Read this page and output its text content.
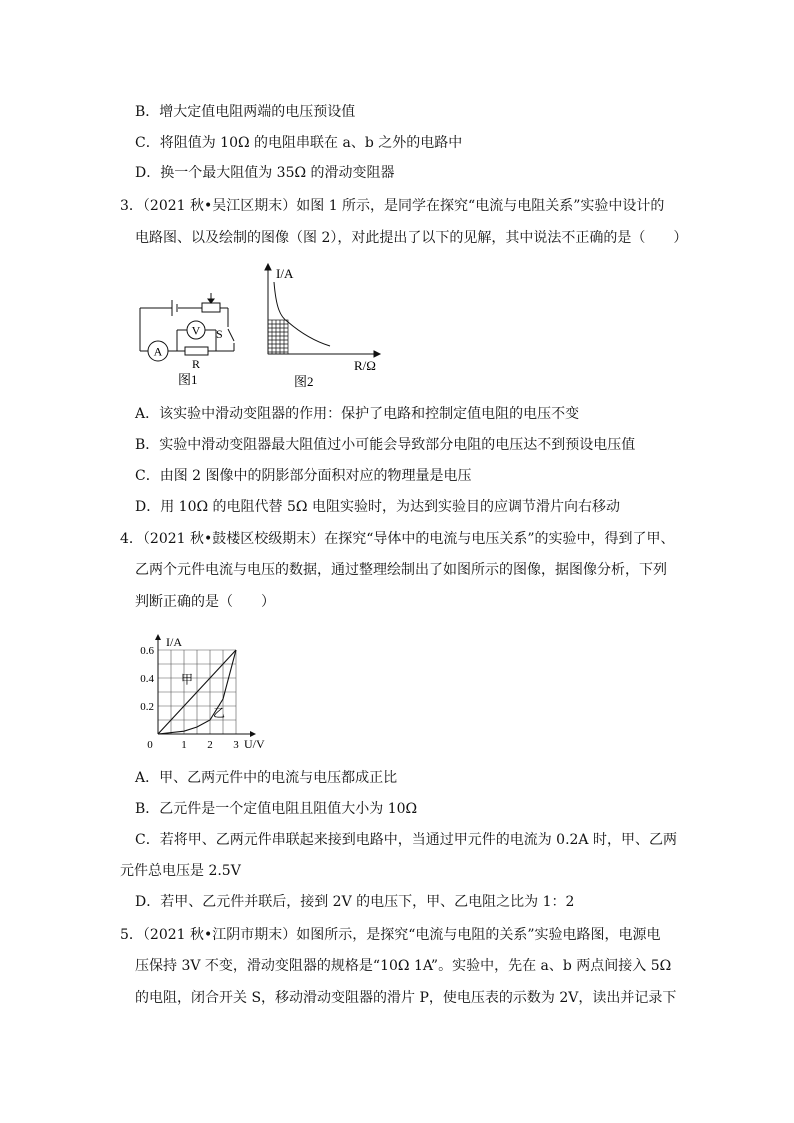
B．增大定值电阻两端的电压预设值
C．将阻值为 10Ω 的电阻串联在 a、b 之外的电路中
D．换一个最大阻值为 35Ω 的滑动变阻器
3．（2021 秋•吴江区期末）如图 1 所示，是同学在探究“电流与电阻关系”实验中设计的
电路图、以及绘制的图像（图 2），对此提出了以下的见解，其中说法不正确的是（　　）
A
V S
R
图1
I/A
R/Ω
图2
A．该实验中滑动变阻器的作用：保护了电路和控制定值电阻的电压不变
B．实验中滑动变阻器最大阻值过小可能会导致部分电阻的电压达不到预设电压值
C．由图 2 图像中的阴影部分面积对应的物理量是电压
D．用 10Ω 的电阻代替 5Ω 电阻实验时，为达到实验目的应调节滑片向右移动
4．（2021 秋•鼓楼区校级期末）在探究“导体中的电流与电压关系”的实验中，得到了甲、
乙两个元件电流与电压的数据，通过整理绘制出了如图所示的图像，据图像分析，下列
判断正确的是（　　）
I/A
U/V
0.6
0.4
0.2
0	1 2 3
甲
乙
A．甲、乙两元件中的电流与电压都成正比
B．乙元件是一个定值电阻且阻值大小为 10Ω
C．若将甲、乙两元件串联起来接到电路中，当通过甲元件的电流为 0.2A 时，甲、乙两
元件总电压是 2.5V
D．若甲、乙元件并联后，接到 2V 的电压下，甲、乙电阻之比为 1：2
5．（2021 秋•江阴市期末）如图所示，是探究“电流与电阻的关系”实验电路图，电源电
压保持 3V 不变，滑动变阻器的规格是“10Ω 1A”。实验中，先在 a、b 两点间接入 5Ω
的电阻，闭合开关 S，移动滑动变阻器的滑片 P，使电压表的示数为 2V，读出并记录下
